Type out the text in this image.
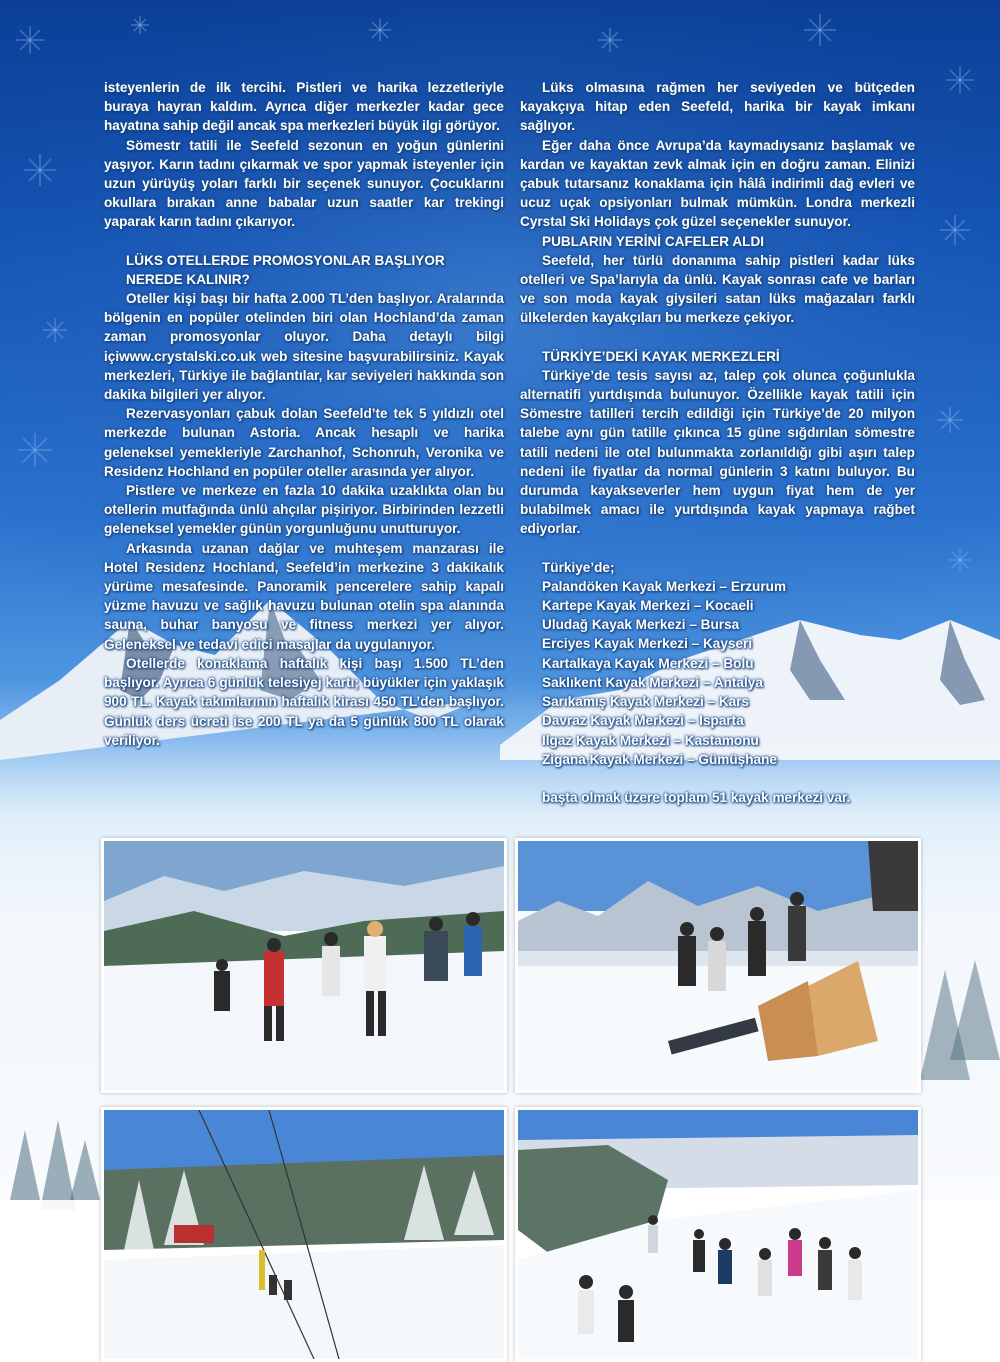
isteyenlerin de ilk tercihi. Pistleri ve harika lezzetleriyle buraya hayran kaldım. Ayrıca diğer merkezler kadar gece hayatına sahip değil ancak spa merkezleri büyük ilgi görüyor.

Sömestr tatili ile Seefeld sezonun en yoğun günlerini yaşıyor. Karın tadını çıkarmak ve spor yapmak isteyenler için uzun yürüyüş yoları farklı bir seçenek sunuyor. Çocuklarını okullara bırakan anne babalar uzun saatler kar trekingi yaparak karın tadını çıkarıyor.

LÜKS OTELLERDE PROMOSYONLAR BAŞLIYOR

NEREDE KALINIR?

Oteller kişi başı bir hafta 2.000 TL’den başlıyor. Aralarında bölgenin en popüler otelinden biri olan Hochland’da zaman zaman promosyonlar oluyor. Daha detaylı bilgi içiwww.crystalski.co.uk web sitesine başvurabilirsiniz. Kayak merkezleri, Türkiye ile bağlantılar, kar seviyeleri hakkında son dakika bilgileri yer alıyor.

Rezervasyonları çabuk dolan Seefeld’te tek 5 yıldızlı otel merkezde bulunan Astoria. Ancak hesaplı ve harika geleneksel yemekleriyle Zarchanhof, Schonruh, Veronika ve Residenz Hochland en popüler oteller arasında yer alıyor.

Pistlere ve merkeze en fazla 10 dakika uzaklıkta olan bu otellerin mutfağında ünlü ahçılar pişiriyor. Birbirinden lezzetli geleneksel yemekler günün yorgunluğunu unutturuyor.

Arkasında uzanan dağlar ve muhteşem manzarası ile Hotel Residenz Hochland, Seefeld’in merkezine 3 dakikalık yürüme mesafesinde. Panoramik pencerelere sahip kapalı yüzme havuzu ve sağlık havuzu bulunan otelin spa alanında sauna, buhar banyosu ve fitness merkezi yer alıyor. Geleneksel ve tedavi edici masajlar da uygulanıyor.

Otellerde konaklama haftalık kişi başı 1.500 TL’den başlıyor. Ayrıca 6 günlük telesiyej kartı; büyükler için yaklaşık 900 TL. Kayak takımlarının haftalık kirası 450 TL’den başlıyor. Günlük ders ücreti ise 200 TL ya da 5 günlük 800 TL olarak veriliyor.

Lüks olmasına rağmen her seviyeden ve bütçeden kayakçıya hitap eden Seefeld, harika bir kayak imkanı sağlıyor.

Eğer daha önce Avrupa’da kaymadıysanız başlamak ve kardan ve kayaktan zevk almak için en doğru zaman. Elinizi çabuk tutarsanız konaklama için hâlâ indirimli dağ evleri ve ucuz uçak opsiyonları bulmak mümkün. Londra merkezli Cyrstal Ski Holidays çok güzel seçenekler sunuyor.

PUBLARIN YERİNİ CAFELER ALDI

Seefeld, her türlü donanıma sahip pistleri kadar lüks otelleri ve Spa’larıyla da ünlü. Kayak sonrası cafe ve barları ve son moda kayak giysileri satan lüks mağazaları farklı ülkelerden kayakçıları bu merkeze çekiyor.

TÜRKİYE’DEKİ KAYAK MERKEZLERİ

Türkiye’de tesis sayısı az, talep çok olunca çoğunlukla alternatifi yurtdışında bulunuyor. Özellikle kayak tatili için Sömestre tatilleri tercih edildiği için Türkiye’de 20 milyon talebe aynı gün tatille çıkınca 15 güne sığdırılan sömestre tatili nedeni ile otel bulunmakta zorlanıldığı gibi aşırı talep nedeni ile fiyatlar da normal günlerin 3 katını buluyor. Bu durumda kayakseverler hem uygun fiyat hem de yer bulabilmek amacı ile yurtdışında kayak yapmaya rağbet ediyorlar.

Türkiye’de;

Palandöken Kayak Merkezi – Erzurum

Kartepe Kayak Merkezi – Kocaeli

Uludağ Kayak Merkezi – Bursa

Erciyes Kayak Merkezi – Kayseri

Kartalkaya Kayak Merkezi – Bolu

Saklıkent Kayak Merkezi – Antalya

Sarıkamış Kayak Merkezi – Kars

Davraz Kayak Merkezi – Isparta

Ilgaz Kayak Merkezi – Kastamonu

Zigana Kayak Merkezi – Gümüşhane

başta olmak üzere toplam 51 kayak merkezi var.
